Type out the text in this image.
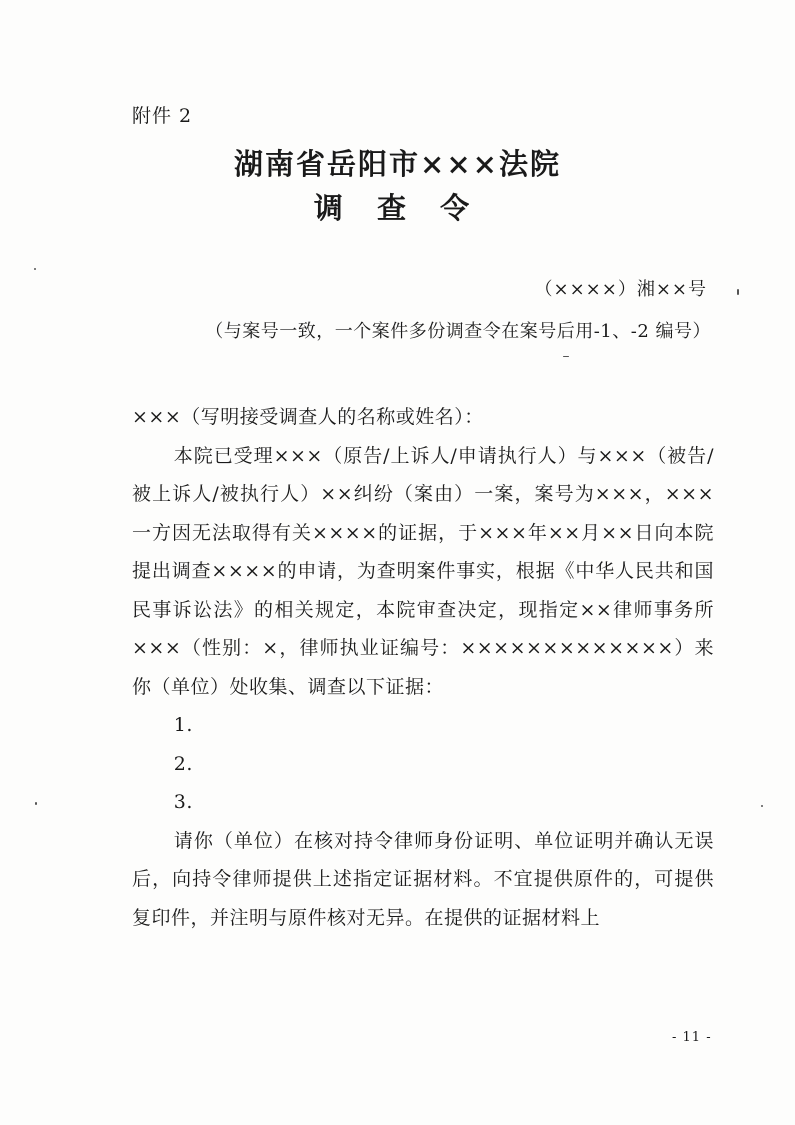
附件 2
湖南省岳阳市×××法院
调 查 令
（××××）湘××号
（与案号一致，一个案件多份调查令在案号后用-1、-2 编号）

×××（写明接受调查人的名称或姓名）：

本院已受理×××（原告/上诉人/申请执行人）与×××（被告/被上诉人/被执行人）××纠纷（案由）一案，案号为×××，×××一方因无法取得有关××××的证据，于×××年××月××日向本院提出调查××××的申请，为查明案件事实，根据《中华人民共和国民事诉讼法》的相关规定，本院审查决定，现指定××律师事务所×××（性别：×，律师执业证编号：×××××××××××××）来你（单位）处收集、调查以下证据：

1.

2.

3.

请你（单位）在核对持令律师身份证明、单位证明并确认无误后，向持令律师提供上述指定证据材料。不宜提供原件的，可提供复印件，并注明与原件核对无异。在提供的证据材料上

- 11 -
